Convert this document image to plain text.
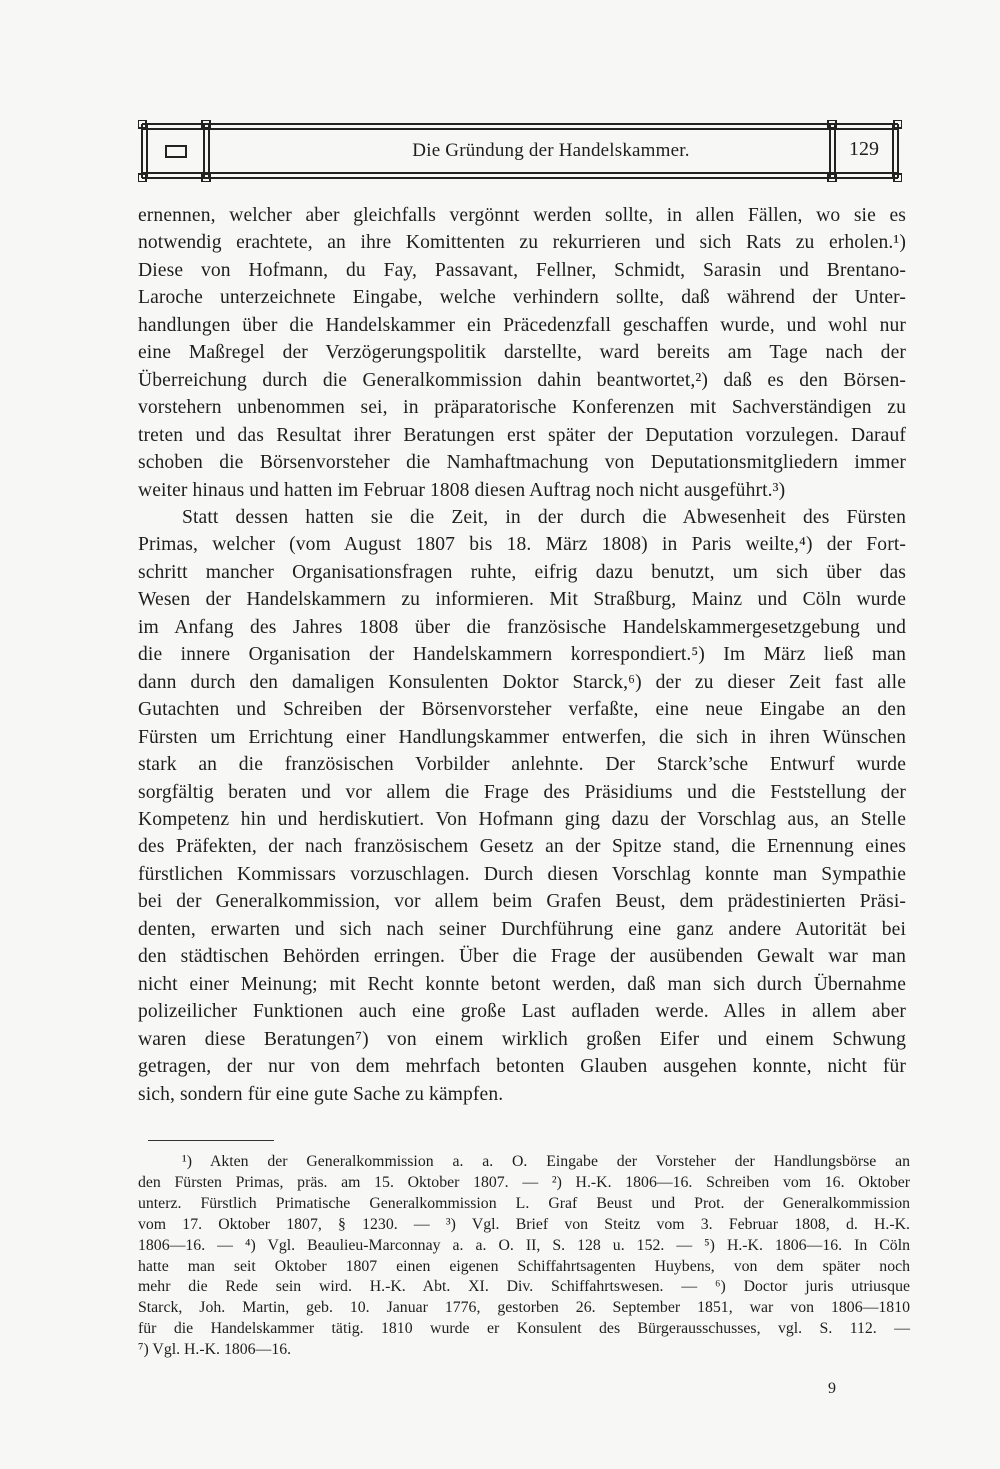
Die Gründung der Handelskammer.	129

ernennen, welcher aber gleichfalls vergönnt werden sollte, in allen Fällen, wo sie es
notwendig erachtete, an ihre Komittenten zu rekurrieren und sich Rats zu erholen.¹)
Diese von Hofmann, du Fay, Passavant, Fellner, Schmidt, Sarasin und Brentano-
Laroche unterzeichnete Eingabe, welche verhindern sollte, daß während der Unter-
handlungen über die Handelskammer ein Präcedenzfall geschaffen wurde, und wohl nur
eine Maßregel der Verzögerungspolitik darstellte, ward bereits am Tage nach der
Überreichung durch die Generalkommission dahin beantwortet,²) daß es den Börsen-
vorstehern unbenommen sei, in präparatorische Konferenzen mit Sachverständigen zu
treten und das Resultat ihrer Beratungen erst später der Deputation vorzulegen. Darauf
schoben die Börsenvorsteher die Namhaftmachung von Deputationsmitgliedern immer
weiter hinaus und hatten im Februar 1808 diesen Auftrag noch nicht ausgeführt.³)

Statt dessen hatten sie die Zeit, in der durch die Abwesenheit des Fürsten
Primas, welcher (vom August 1807 bis 18. März 1808) in Paris weilte,⁴) der Fort-
schritt mancher Organisationsfragen ruhte, eifrig dazu benutzt, um sich über das
Wesen der Handelskammern zu informieren. Mit Straßburg, Mainz und Cöln wurde
im Anfang des Jahres 1808 über die französische Handelskammergesetzgebung und
die innere Organisation der Handelskammern korrespondiert.⁵) Im März ließ man
dann durch den damaligen Konsulenten Doktor Starck,⁶) der zu dieser Zeit fast alle
Gutachten und Schreiben der Börsenvorsteher verfaßte, eine neue Eingabe an den
Fürsten um Errichtung einer Handlungskammer entwerfen, die sich in ihren Wünschen
stark an die französischen Vorbilder anlehnte. Der Starck’sche Entwurf wurde
sorgfältig beraten und vor allem die Frage des Präsidiums und die Feststellung der
Kompetenz hin und herdiskutiert. Von Hofmann ging dazu der Vorschlag aus, an Stelle
des Präfekten, der nach französischem Gesetz an der Spitze stand, die Ernennung eines
fürstlichen Kommissars vorzuschlagen. Durch diesen Vorschlag konnte man Sympathie
bei der Generalkommission, vor allem beim Grafen Beust, dem prädestinierten Präsi-
denten, erwarten und sich nach seiner Durchführung eine ganz andere Autorität bei
den städtischen Behörden erringen. Über die Frage der ausübenden Gewalt war man
nicht einer Meinung; mit Recht konnte betont werden, daß man sich durch Übernahme
polizeilicher Funktionen auch eine große Last aufladen werde. Alles in allem aber
waren diese Beratungen⁷) von einem wirklich großen Eifer und einem Schwung
getragen, der nur von dem mehrfach betonten Glauben ausgehen konnte, nicht für
sich, sondern für eine gute Sache zu kämpfen.

¹) Akten der Generalkommission a. a. O. Eingabe der Vorsteher der Handlungsbörse an
den Fürsten Primas, präs. am 15. Oktober 1807. — ²) H.-K. 1806—16. Schreiben vom 16. Oktober
unterz. Fürstlich Primatische Generalkommission L. Graf Beust und Prot. der Generalkommission
vom 17. Oktober 1807, § 1230. — ³) Vgl. Brief von Steitz vom 3. Februar 1808, d. H.-K.
1806—16. — ⁴) Vgl. Beaulieu-Marconnay a. a. O. II, S. 128 u. 152. — ⁵) H.-K. 1806—16. In Cöln
hatte man seit Oktober 1807 einen eigenen Schiffahrtsagenten Huybens, von dem später noch
mehr die Rede sein wird. H.-K. Abt. XI. Div. Schiffahrtswesen. — ⁶) Doctor juris utriusque
Starck, Joh. Martin, geb. 10. Januar 1776, gestorben 26. September 1851, war von 1806—1810
für die Handelskammer tätig. 1810 wurde er Konsulent des Bürgerausschusses, vgl. S. 112. —
⁷) Vgl. H.-K. 1806—16.
9
